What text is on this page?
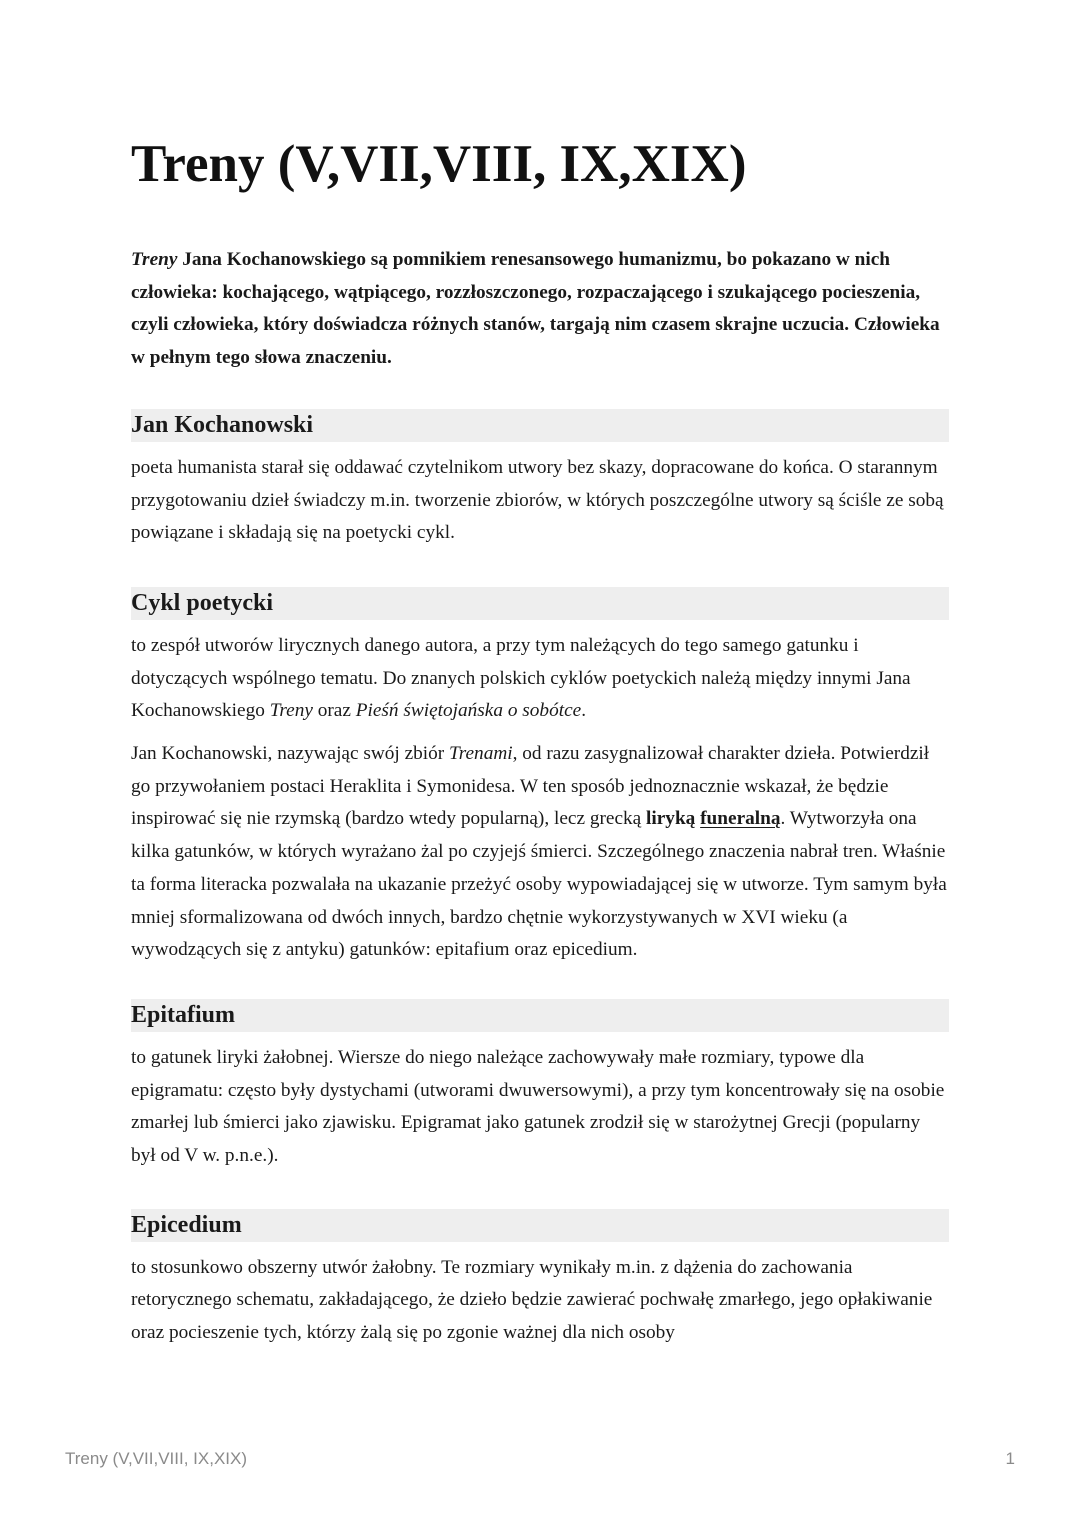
Treny (V,VII,VIII, IX,XIX)

Treny Jana Kochanowskiego są pomnikiem renesansowego humanizmu, bo pokazano w nich człowieka: kochającego, wątpiącego, rozzłoszczonego, rozpaczającego i szukającego pocieszenia, czyli człowieka, który doświadcza różnych stanów, targają nim czasem skrajne uczucia. Człowieka w pełnym tego słowa znaczeniu.

Jan Kochanowski

poeta humanista starał się oddawać czytelnikom utwory bez skazy, dopracowane do końca. O starannym przygotowaniu dzieł świadczy m.in. tworzenie zbiorów, w których poszczególne utwory są ściśle ze sobą powiązane i składają się na poetycki cykl.

Cykl poetycki

to zespół utworów lirycznych danego autora, a przy tym należących do tego samego gatunku i dotyczących wspólnego tematu. Do znanych polskich cyklów poetyckich należą między innymi Jana Kochanowskiego Treny oraz Pieśń świętojańska o sobótce.

Jan Kochanowski, nazywając swój zbiór Trenami, od razu zasygnalizował charakter dzieła. Potwierdził go przywołaniem postaci Heraklita i Symonidesa. W ten sposób jednoznacznie wskazał, że będzie inspirować się nie rzymską (bardzo wtedy popularną), lecz grecką liryką funeralną. Wytworzyła ona kilka gatunków, w których wyrażano żal po czyjejś śmierci. Szczególnego znaczenia nabrał tren. Właśnie ta forma literacka pozwalała na ukazanie przeżyć osoby wypowiadającej się w utworze. Tym samym była mniej sformalizowana od dwóch innych, bardzo chętnie wykorzystywanych w XVI wieku (a wywodzących się z antyku) gatunków: epitafium oraz epicedium.

Epitafium

to gatunek liryki żałobnej. Wiersze do niego należące zachowywały małe rozmiary, typowe dla epigramatu: często były dystychami (utworami dwuwersowymi), a przy tym koncentrowały się na osobie zmarłej lub śmierci jako zjawisku. Epigramat jako gatunek zrodził się w starożytnej Grecji (popularny był od V w. p.n.e.).

Epicedium

to stosunkowo obszerny utwór żałobny. Te rozmiary wynikały m.in. z dążenia do zachowania retorycznego schematu, zakładającego, że dzieło będzie zawierać pochwałę zmarłego, jego opłakiwanie oraz pocieszenie tych, którzy żalą się po zgonie ważnej dla nich osoby

Treny (V,VII,VIII, IX,XIX)	1
